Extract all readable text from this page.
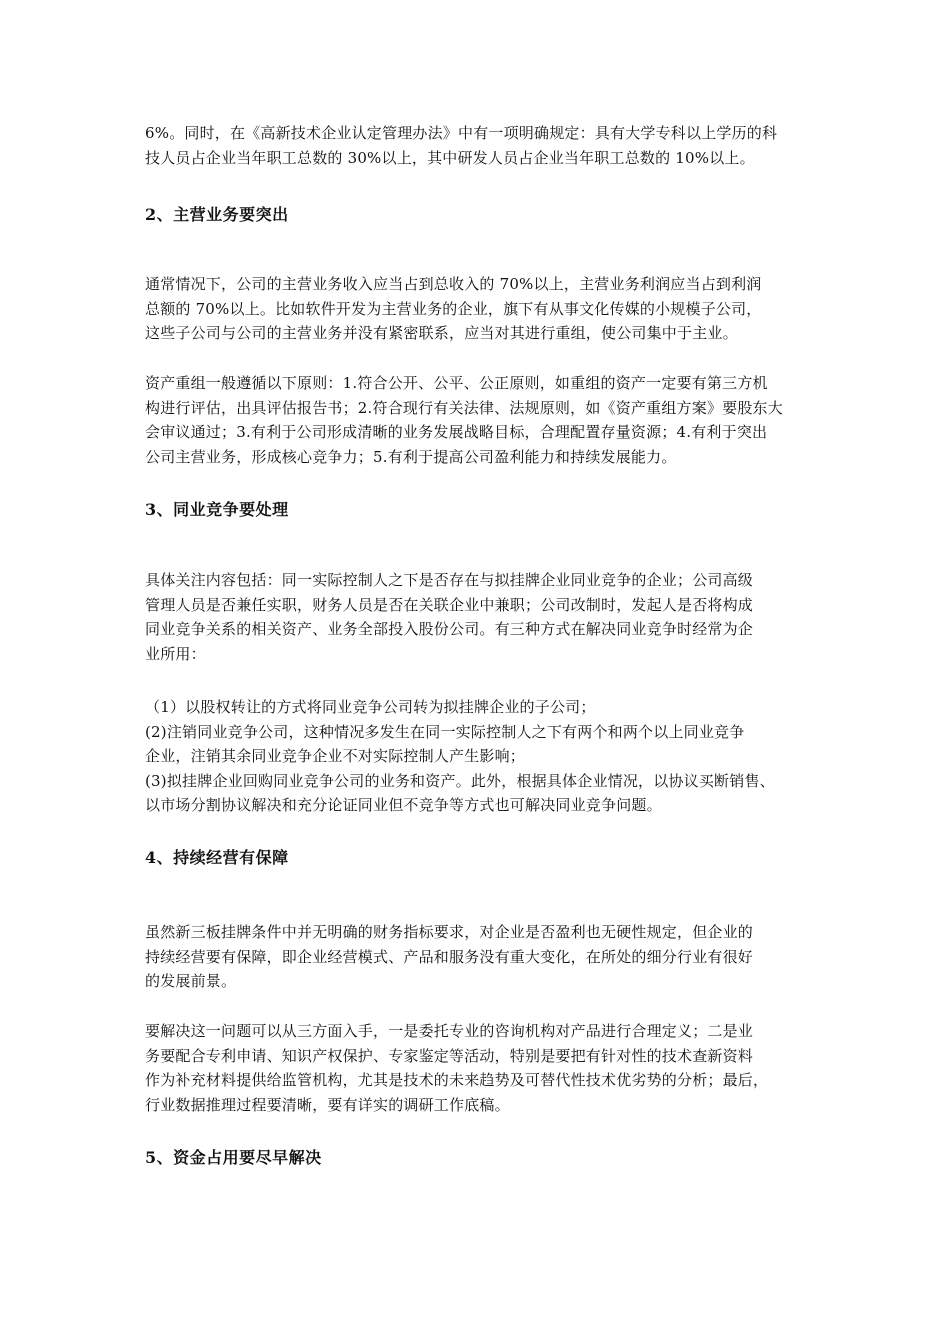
6%。同时，在《高新技术企业认定管理办法》中有一项明确规定：具有大学专科以上学历的科
技人员占企业当年职工总数的 30%以上，其中研发人员占企业当年职工总数的 10%以上。
2、主营业务要突出
通常情况下，公司的主营业务收入应当占到总收入的 70%以上，主营业务利润应当占到利润
总额的 70%以上。比如软件开发为主营业务的企业，旗下有从事文化传媒的小规模子公司，
这些子公司与公司的主营业务并没有紧密联系，应当对其进行重组，使公司集中于主业。
资产重组一般遵循以下原则：1.符合公开、公平、公正原则，如重组的资产一定要有第三方机
构进行评估，出具评估报告书；2.符合现行有关法律、法规原则，如《资产重组方案》要股东大
会审议通过；3.有利于公司形成清晰的业务发展战略目标，合理配置存量资源；4.有利于突出
公司主营业务，形成核心竞争力；5.有利于提高公司盈利能力和持续发展能力。
3、同业竞争要处理
具体关注内容包括：同一实际控制人之下是否存在与拟挂牌企业同业竞争的企业；公司高级
管理人员是否兼任实职，财务人员是否在关联企业中兼职；公司改制时，发起人是否将构成
同业竞争关系的相关资产、业务全部投入股份公司。有三种方式在解决同业竞争时经常为企
业所用：
（1）以股权转让的方式将同业竞争公司转为拟挂牌企业的子公司；
(2)注销同业竞争公司，这种情况多发生在同一实际控制人之下有两个和两个以上同业竞争
企业，注销其余同业竞争企业不对实际控制人产生影响；
(3)拟挂牌企业回购同业竞争公司的业务和资产。此外，根据具体企业情况，以协议买断销售、
以市场分割协议解决和充分论证同业但不竞争等方式也可解决同业竞争问题。
4、持续经营有保障
虽然新三板挂牌条件中并无明确的财务指标要求，对企业是否盈利也无硬性规定，但企业的
持续经营要有保障，即企业经营模式、产品和服务没有重大变化，在所处的细分行业有很好
的发展前景。
要解决这一问题可以从三方面入手，一是委托专业的咨询机构对产品进行合理定义；二是业
务要配合专利申请、知识产权保护、专家鉴定等活动，特别是要把有针对性的技术查新资料
作为补充材料提供给监管机构，尤其是技术的未来趋势及可替代性技术优劣势的分析；最后，
行业数据推理过程要清晰，要有详实的调研工作底稿。
5、资金占用要尽早解决
